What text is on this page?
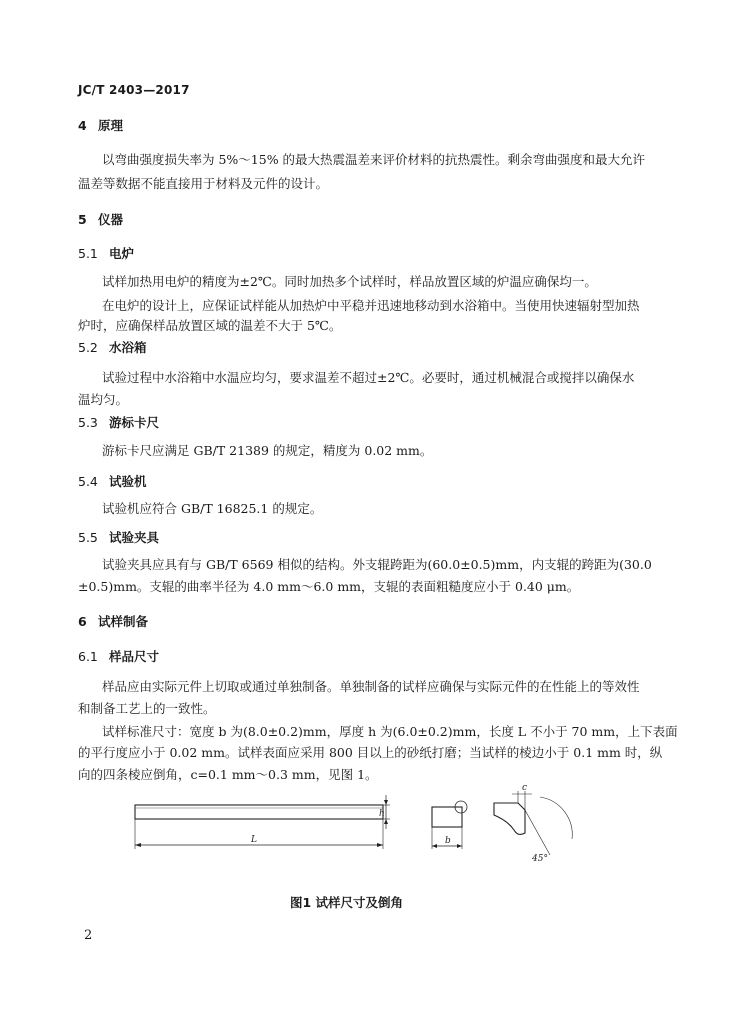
JC/T 2403—2017
4 原理
以弯曲强度损失率为 5%～15% 的最大热震温差来评价材料的抗热震性。剩余弯曲强度和最大允许
温差等数据不能直接用于材料及元件的设计。
5 仪器
5.1 电炉
试样加热用电炉的精度为±2℃。同时加热多个试样时，样品放置区域的炉温应确保均一。
在电炉的设计上，应保证试样能从加热炉中平稳并迅速地移动到水浴箱中。当使用快速辐射型加热
炉时，应确保样品放置区域的温差不大于 5℃。
5.2 水浴箱
试验过程中水浴箱中水温应均匀，要求温差不超过±2℃。必要时，通过机械混合或搅拌以确保水
温均匀。
5.3 游标卡尺
游标卡尺应满足 GB/T 21389 的规定，精度为 0.02 mm。
5.4 试验机
试验机应符合 GB/T 16825.1 的规定。
5.5 试验夹具
试验夹具应具有与 GB/T 6569 相似的结构。外支辊跨距为(60.0±0.5)mm，内支辊的跨距为(30.0
±0.5)mm。支辊的曲率半径为 4.0 mm～6.0 mm，支辊的表面粗糙度应小于 0.40 μm。
6 试样制备
6.1 样品尺寸
样品应由实际元件上切取或通过单独制备。单独制备的试样应确保与实际元件的在性能上的等效性
和制备工艺上的一致性。
试样标准尺寸：宽度 b 为(8.0±0.2)mm，厚度 h 为(6.0±0.2)mm，长度 L 不小于 70 mm，上下表面
的平行度应小于 0.02 mm。试样表面应采用 800 目以上的砂纸打磨；当试样的棱边小于 0.1 mm 时，纵
向的四条棱应倒角，c=0.1 mm～0.3 mm，见图 1。
h
L	b
c
45°
图1 试样尺寸及倒角
2
